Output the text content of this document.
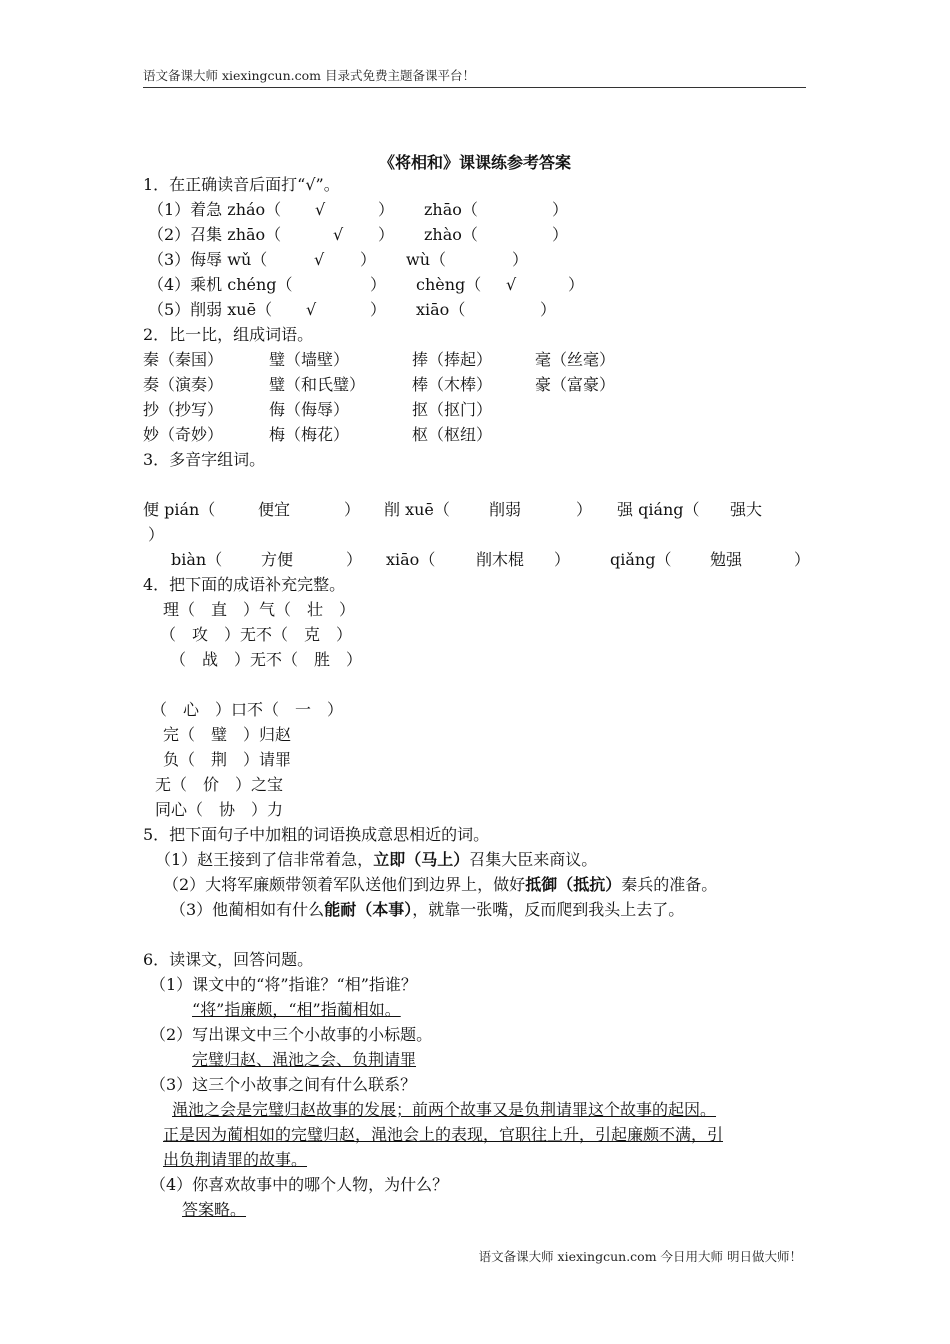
语文备课大师 xiexingcun.com 目录式免费主题备课平台！
《将相和》课课练参考答案
1．在正确读音后面打“√”。
（1）着急 zháo（ √	） zhāo（	）
（2）召集 zhāo（	√ ） zhào（	）
（3）侮辱 wǔ（	√ ） wù（	）
（4）乘机 chéng（	） chèng（ √	）
（5）削弱 xuē（ √	） xiāo（	）
2．比一比，组成词语。
秦（秦国）	璧（墙壁）	捧（捧起）	毫（丝毫）
奏（演奏）	璧（和氏璧）	棒（木棒）	豪（富豪）
抄（抄写）	侮（侮辱）	抠（抠门）
妙（奇妙）	梅（梅花）	枢（枢纽）
3．多音字组词。
便 pián（	便宜	） 削 xuē（ 削弱	） 强 qiáng（ 强大
）
biàn（ 方便	） xiāo（	削木棍 ） qiǎng（ 勉强	）
4．把下面的成语补充完整。
理（　直　）气（　壮　）
（　攻　）无不（　克　）
（　战　）无不（　胜　）
（　心　）口不（　一　）
完（　璧　）归赵
负（　荆　）请罪
无（　价　）之宝
同心（　协　）力
5．把下面句子中加粗的词语换成意思相近的词。
（1）赵王接到了信非常着急，立即（马上）召集大臣来商议。
（2）大将军廉颇带领着军队送他们到边界上，做好抵御（抵抗）秦兵的准备。
（3）他蔺相如有什么能耐（本事），就靠一张嘴，反而爬到我头上去了。
6．读课文，回答问题。
（1）课文中的“将”指谁？“相”指谁？
“将”指廉颇，“相”指蔺相如。
（2）写出课文中三个小故事的小标题。
完璧归赵、渑池之会、负荆请罪
（3）这三个小故事之间有什么联系？
渑池之会是完璧归赵故事的发展；前两个故事又是负荆请罪这个故事的起因。
正是因为蔺相如的完璧归赵，渑池会上的表现，官职往上升，引起廉颇不满，引
出负荆请罪的故事。
（4）你喜欢故事中的哪个人物，为什么？
答案略。
语文备课大师 xiexingcun.com 今日用大师 明日做大师！
